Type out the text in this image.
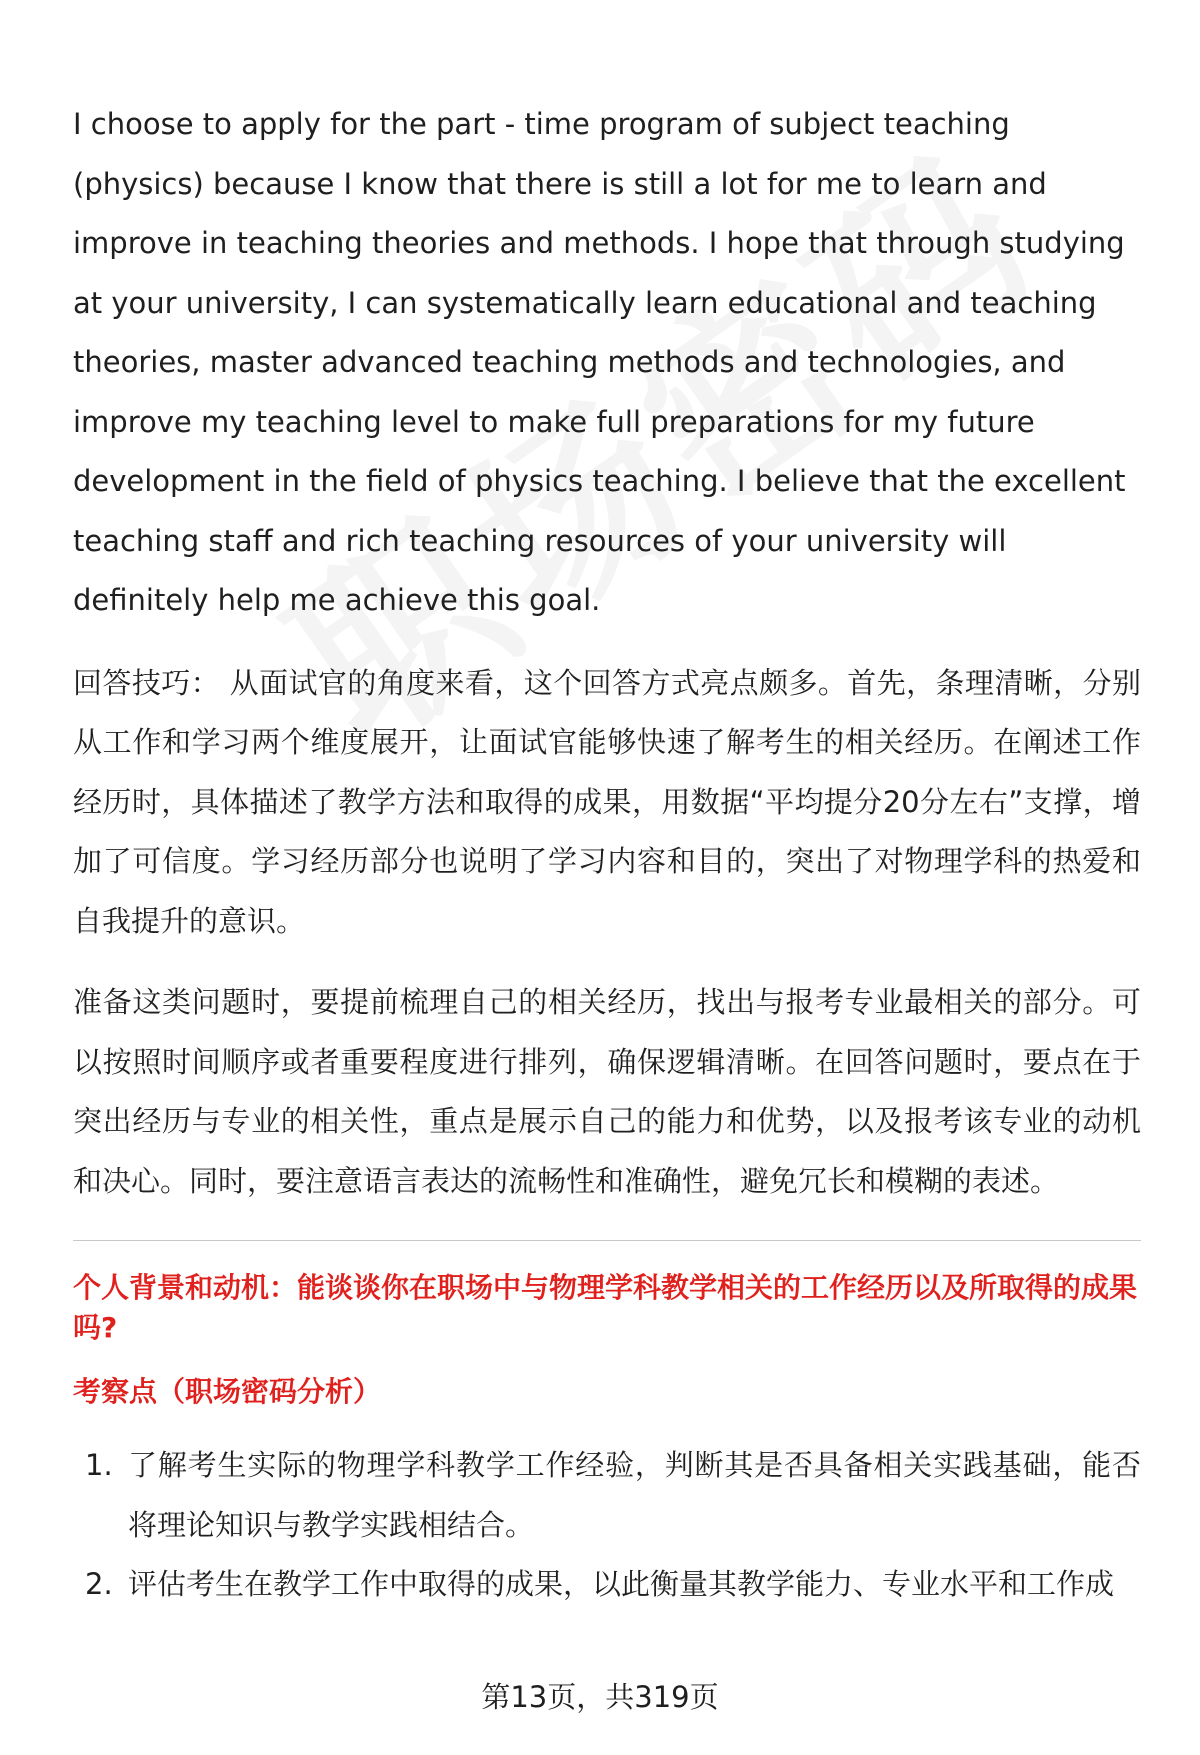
I choose to apply for the part - time program of subject teaching (physics) because I know that there is still a lot for me to learn and improve in teaching theories and methods. I hope that through studying at your university, I can systematically learn educational and teaching theories, master advanced teaching methods and technologies, and improve my teaching level to make full preparations for my future development in the field of physics teaching. I believe that the excellent teaching staff and rich teaching resources of your university will definitely help me achieve this goal.

回答技巧： 从面试官的角度来看，这个回答方式亮点颇多。首先，条理清晰，分别从工作和学习两个维度展开，让面试官能够快速了解考生的相关经历。在阐述工作经历时，具体描述了教学方法和取得的成果，用数据“平均提分20分左右”支撑，增加了可信度。学习经历部分也说明了学习内容和目的，突出了对物理学科的热爱和自我提升的意识。

准备这类问题时，要提前梳理自己的相关经历，找出与报考专业最相关的部分。可以按照时间顺序或者重要程度进行排列，确保逻辑清晰。在回答问题时，要点在于突出经历与专业的相关性，重点是展示自己的能力和优势，以及报考该专业的动机和决心。同时，要注意语言表达的流畅性和准确性，避免冗长和模糊的表述。

个人背景和动机：能谈谈你在职场中与物理学科教学相关的工作经历以及所取得的成果吗?
考察点（职场密码分析）
1. 了解考生实际的物理学科教学工作经验，判断其是否具备相关实践基础，能否将理论知识与教学实践相结合。
2. 评估考生在教学工作中取得的成果，以此衡量其教学能力、专业水平和工作成
第13页，共319页
